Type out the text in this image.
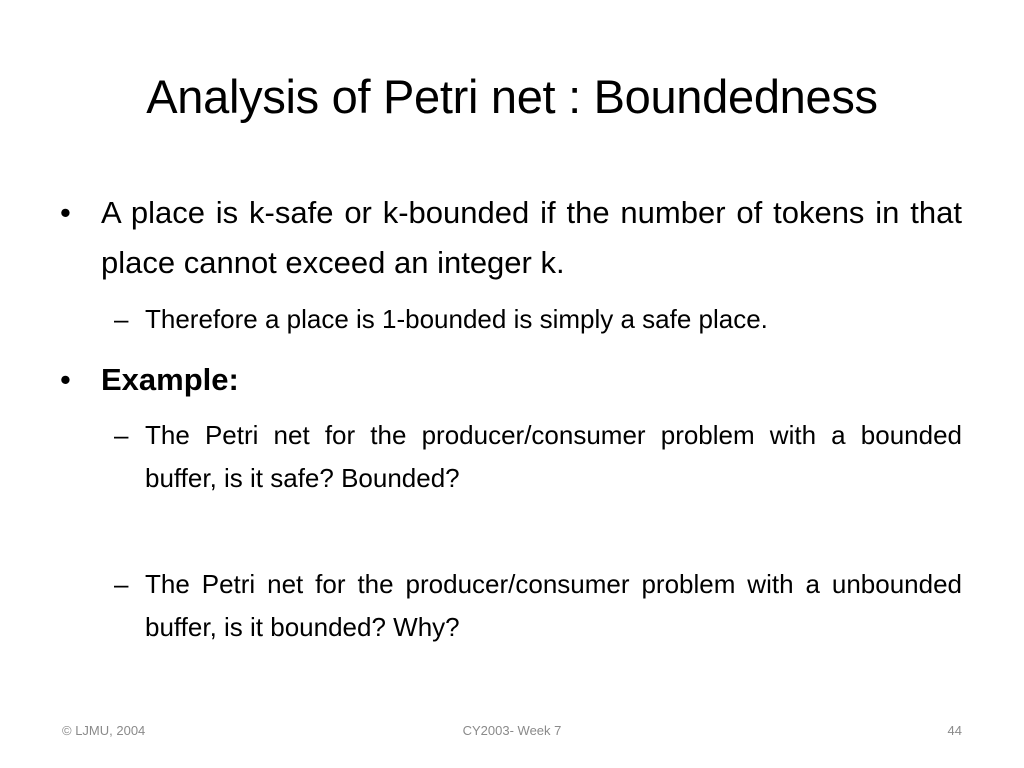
Analysis of Petri net : Boundedness
• A place is k-safe or k-bounded if the number of tokens in that place cannot exceed an integer k.
– Therefore a place is 1-bounded is simply a safe place.
• Example:
– The Petri net for the producer/consumer problem with a bounded buffer, is it safe? Bounded?
– The Petri net for the producer/consumer problem with a unbounded buffer, is it bounded? Why?
© LJMU, 2004	CY2003- Week 7	44
